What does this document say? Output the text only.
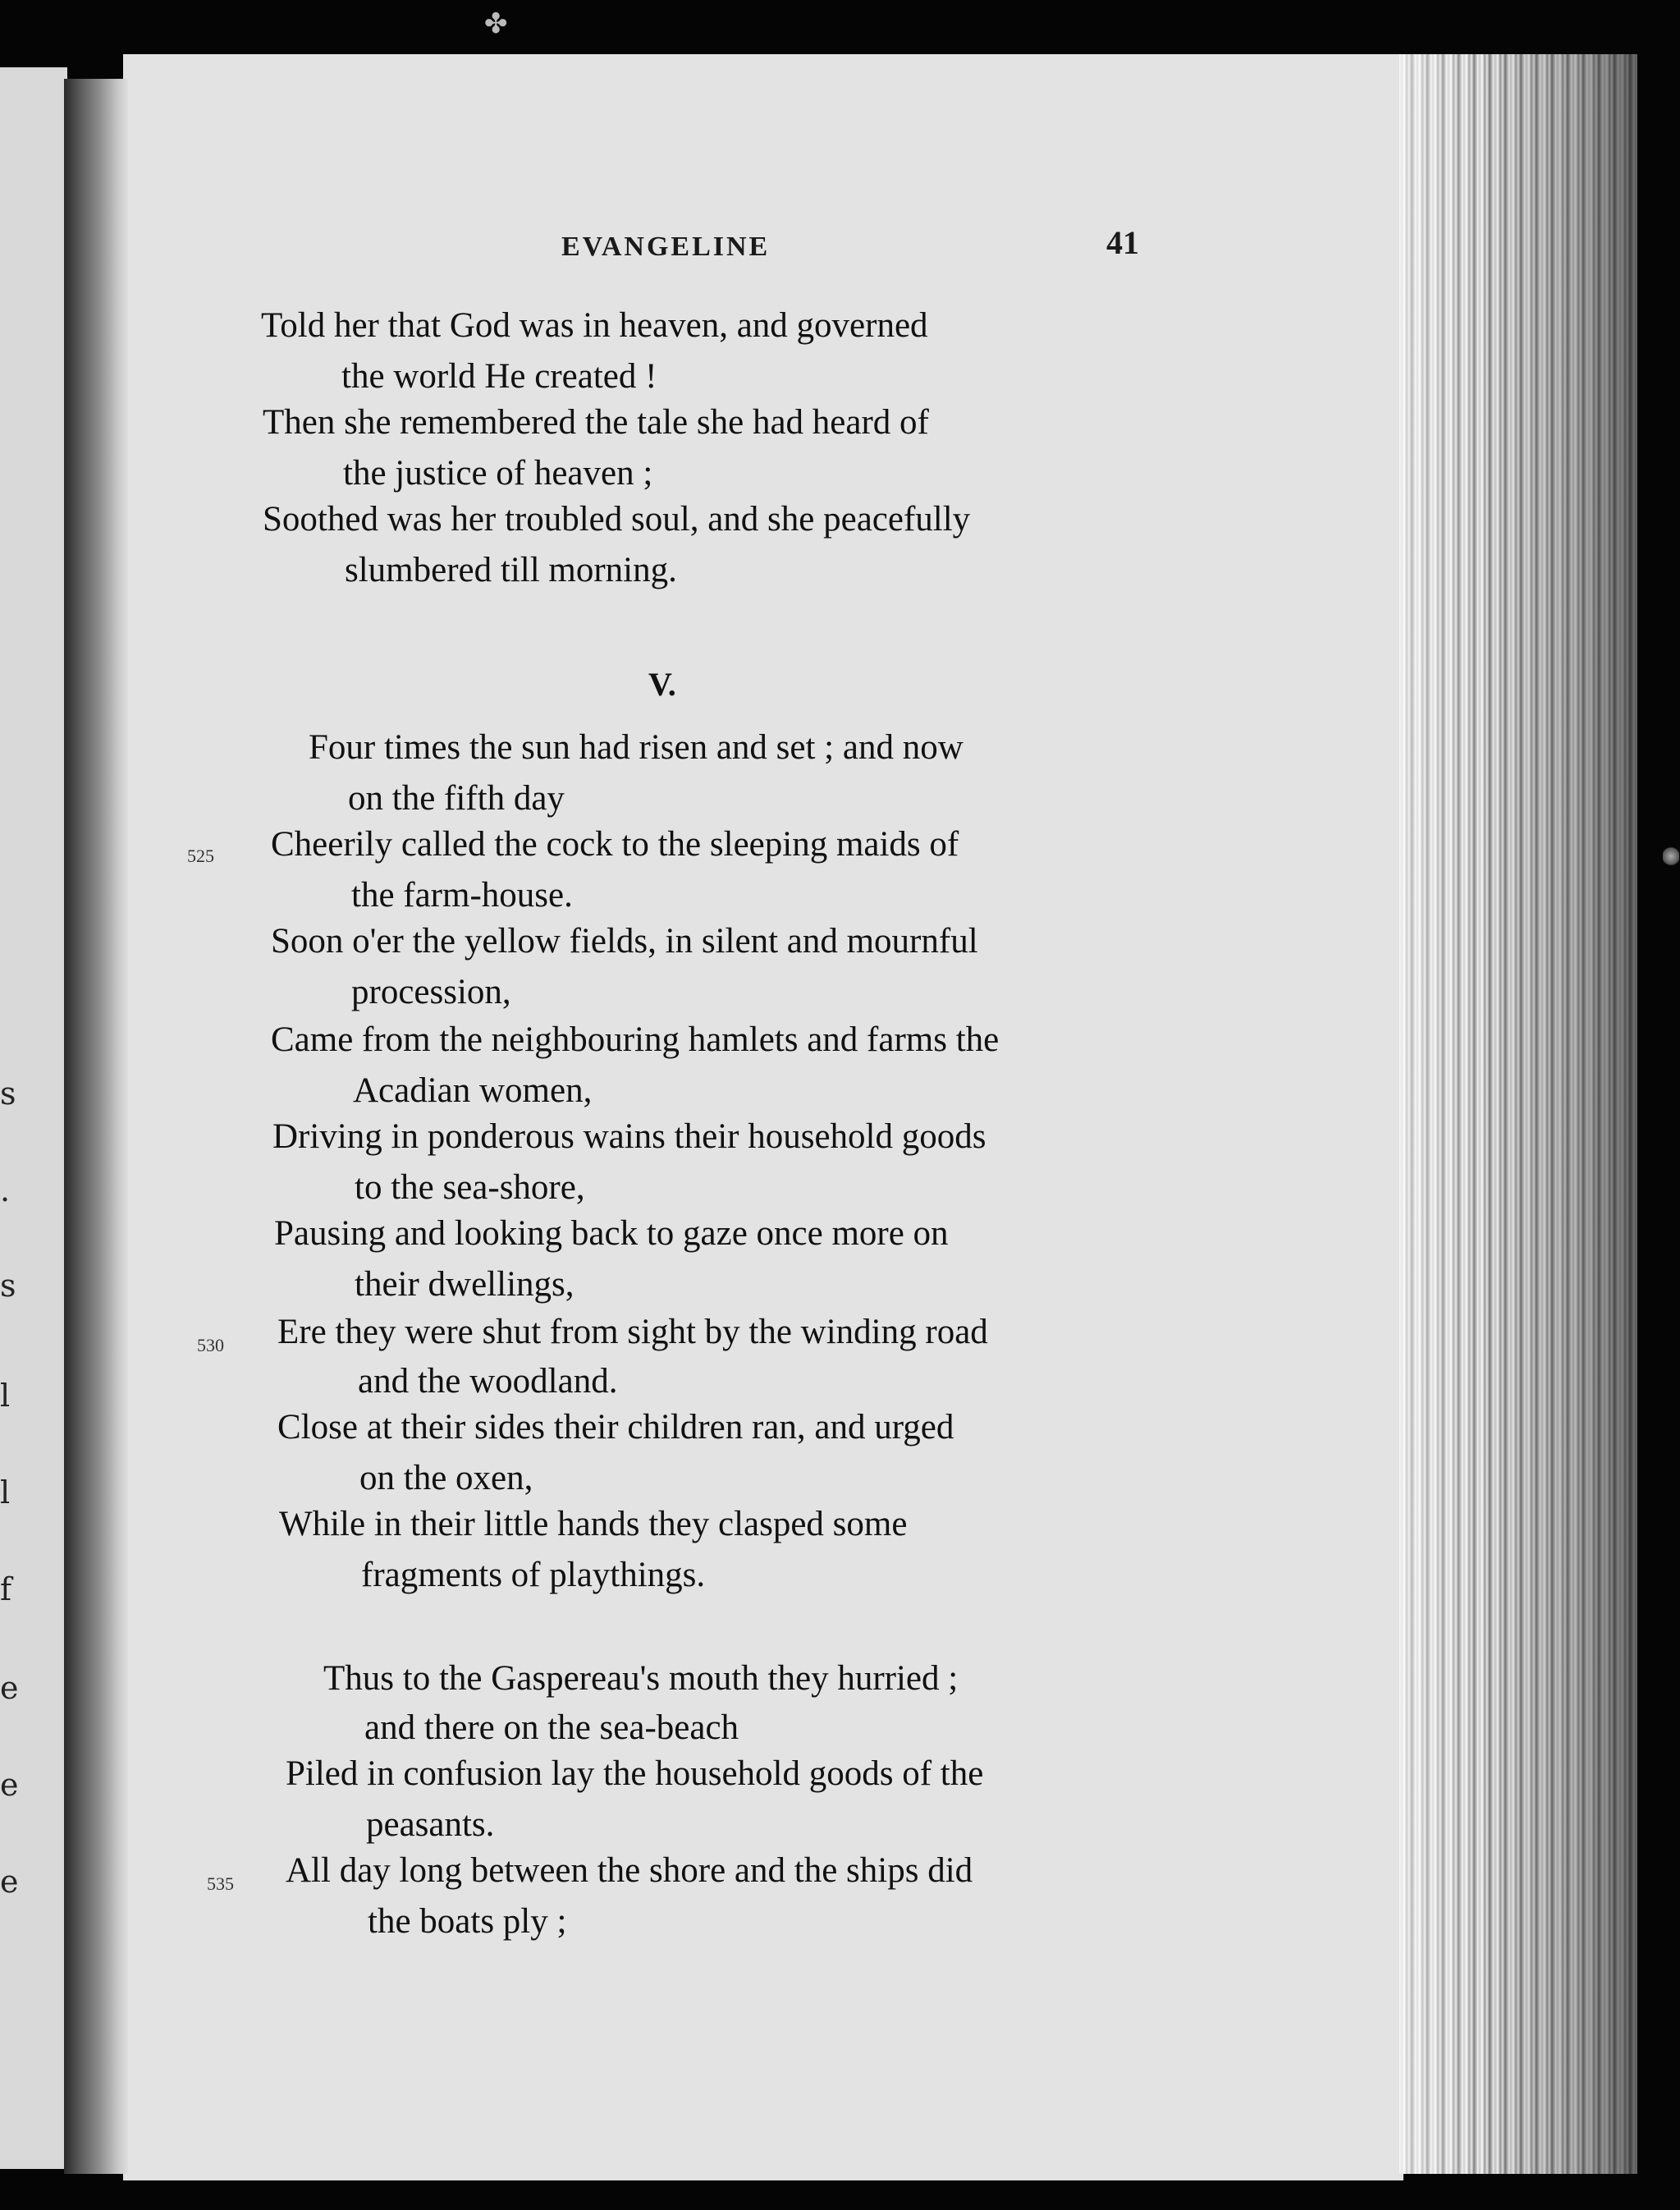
✤
s
.
s
l
l
f
e
e
e
EVANGELINE	41
Told her that God was in heaven, and governed
the world He created !
Then she remembered the tale she had heard of
the justice of heaven ;
Soothed was her troubled soul, and she peacefully
slumbered till morning.
V.
Four times the sun had risen and set ; and now
on the fifth day
525 Cheerily called the cock to the sleeping maids of
the farm-house.
Soon o'er the yellow fields, in silent and mournful
procession,
Came from the neighbouring hamlets and farms the
Acadian women,
Driving in ponderous wains their household goods
to the sea-shore,
Pausing and looking back to gaze once more on
their dwellings,
530 Ere they were shut from sight by the winding road
and the woodland.
Close at their sides their children ran, and urged
on the oxen,
While in their little hands they clasped some
fragments of playthings.
Thus to the Gaspereau's mouth they hurried ;
and there on the sea-beach
Piled in confusion lay the household goods of the
peasants.
535 All day long between the shore and the ships did
the boats ply ;
